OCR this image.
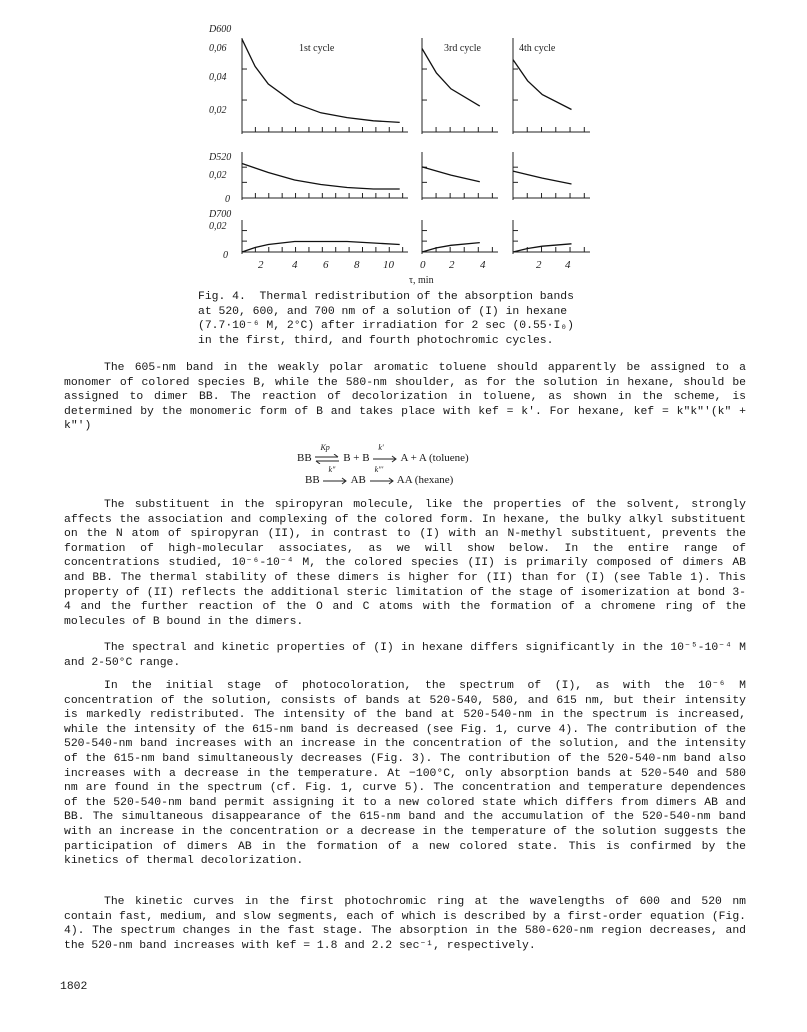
D600
0,06
0,04
0,02
D520
0,02
0
D700
0,02
0
1st cycle	3rd cycle	4th cycle
2	4 6 8 10 0 2 4	2 4
τ, min

Fig. 4.  Thermal redistribution of the absorption bands

at 520, 600, and 700 nm of a solution of (I) in hexane

(7.7·10⁻⁶ M, 2°C) after irradiation for 2 sec (0.55·I₀)

in the first, third, and fourth photochromic cycles.

The 605-nm band in the weakly polar aromatic toluene should apparently be assigned to a monomer of colored species B, while the 580-nm shoulder, as for the solution in hexane, should be assigned to dimer BB. The reaction of decolorization in toluene, as shown in the scheme, is determined by the monomeric form of B and takes place with kef = k'. For hexane, kef = k"k"'(k" + k"')

BB
Kp
B + B
k'
A + A (toluene)
BB
k"
AB
k"'
AA (hexane)

The substituent in the spiropyran molecule, like the properties of the solvent, strongly affects the association and complexing of the colored form. In hexane, the bulky alkyl substituent on the N atom of spiropyran (II), in contrast to (I) with an N-methyl substituent, prevents the formation of high-molecular associates, as we will show below. In the entire range of concentrations studied, 10⁻⁶-10⁻⁴ M, the colored species (II) is primarily composed of dimers AB and BB. The thermal stability of these dimers is higher for (II) than for (I) (see Table 1). This property of (II) reflects the additional steric limitation of the stage of isomerization at bond 3-4 and the further reaction of the O and C atoms with the formation of a chromene ring of the molecules of B bound in the dimers.

The spectral and kinetic properties of (I) in hexane differs significantly in the 10⁻⁵-10⁻⁴ M and 2-50°C range.

In the initial stage of photocoloration, the spectrum of (I), as with the 10⁻⁶ M concentration of the solution, consists of bands at 520-540, 580, and 615 nm, but their intensity is markedly redistributed. The intensity of the band at 520-540-nm in the spectrum is increased, while the intensity of the 615-nm band is decreased (see Fig. 1, curve 4). The contribution of the 520-540-nm band increases with an increase in the concentration of the solution, and the intensity of the 615-nm band simultaneously decreases (Fig. 3). The contribution of the 520-540-nm band also increases with a decrease in the temperature. At −100°C, only absorption bands at 520-540 and 580 nm are found in the spectrum (cf. Fig. 1, curve 5). The concentration and temperature dependences of the 520-540-nm band permit assigning it to a new colored state which differs from dimers AB and BB. The simultaneous disappearance of the 615-nm band and the accumulation of the 520-540-nm band with an increase in the concentration or a decrease in the temperature of the solution suggests the participation of dimers AB in the formation of a new colored state. This is confirmed by the kinetics of thermal decolorization.

The kinetic curves in the first photochromic ring at the wavelengths of 600 and 520 nm contain fast, medium, and slow segments, each of which is described by a first-order equation (Fig. 4). The spectrum changes in the fast stage. The absorption in the 580-620-nm region decreases, and the 520-nm band increases with kef = 1.8 and 2.2 sec⁻¹, respectively.

1802
